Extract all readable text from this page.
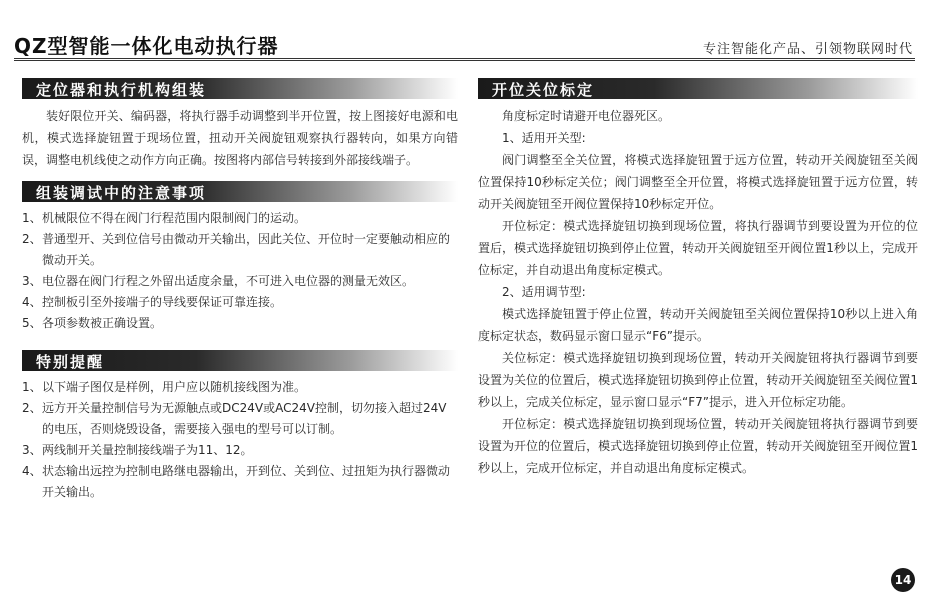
QZ型智能一体化电动执行器	专注智能化产品、引领物联网时代
定位器和执行机构组装

装好限位开关、编码器，将执行器手动调整到半开位置，按上图接好电源和电机，模式选择旋钮置于现场位置，扭动开关阀旋钮观察执行器转向，如果方向错误，调整电机线使之动作方向正确。按图将内部信号转接到外部接线端子。

组装调试中的注意事项
1、 机械限位不得在阀门行程范围内限制阀门的运动。
2、 普通型开、关到位信号由微动开关输出，因此关位、开位时一定要触动相应的微动开关。
3、 电位器在阀门行程之外留出适度余量，不可进入电位器的测量无效区。
4、 控制板引至外接端子的导线要保证可靠连接。
5、 各项参数被正确设置。
特别提醒
1、 以下端子图仅是样例，用户应以随机接线图为准。
2、 远方开关量控制信号为无源触点或DC24V或AC24V控制，切勿接入超过24V的电压，否则烧毁设备，需要接入强电的型号可以订制。
3、 两线制开关量控制接线端子为11、12。
4、 状态输出远控为控制电路继电器输出，开到位、关到位、过扭矩为执行器微动开关输出。
开位关位标定

角度标定时请避开电位器死区。

1、适用开关型:

阀门调整至全关位置，将模式选择旋钮置于远方位置，转动开关阀旋钮至关阀位置保持10秒标定关位；阀门调整至全开位置，将模式选择旋钮置于远方位置，转动开关阀旋钮至开阀位置保持10秒标定开位。

开位标定：模式选择旋钮切换到现场位置，将执行器调节到要设置为开位的位置后，模式选择旋钮切换到停止位置，转动开关阀旋钮至开阀位置1秒以上，完成开位标定，并自动退出角度标定模式。

2、适用调节型:

模式选择旋钮置于停止位置，转动开关阀旋钮至关阀位置保持10秒以上进入角度标定状态，数码显示窗口显示“F6”提示。

关位标定：模式选择旋钮切换到现场位置，转动开关阀旋钮将执行器调节到要设置为关位的位置后，模式选择旋钮切换到停止位置，转动开关阀旋钮至关阀位置1秒以上，完成关位标定，显示窗口显示“F7”提示，进入开位标定功能。

开位标定：模式选择旋钮切换到现场位置，转动开关阀旋钮将执行器调节到要设置为开位的位置后，模式选择旋钮切换到停止位置，转动开关阀旋钮至开阀位置1秒以上，完成开位标定，并自动退出角度标定模式。

14
